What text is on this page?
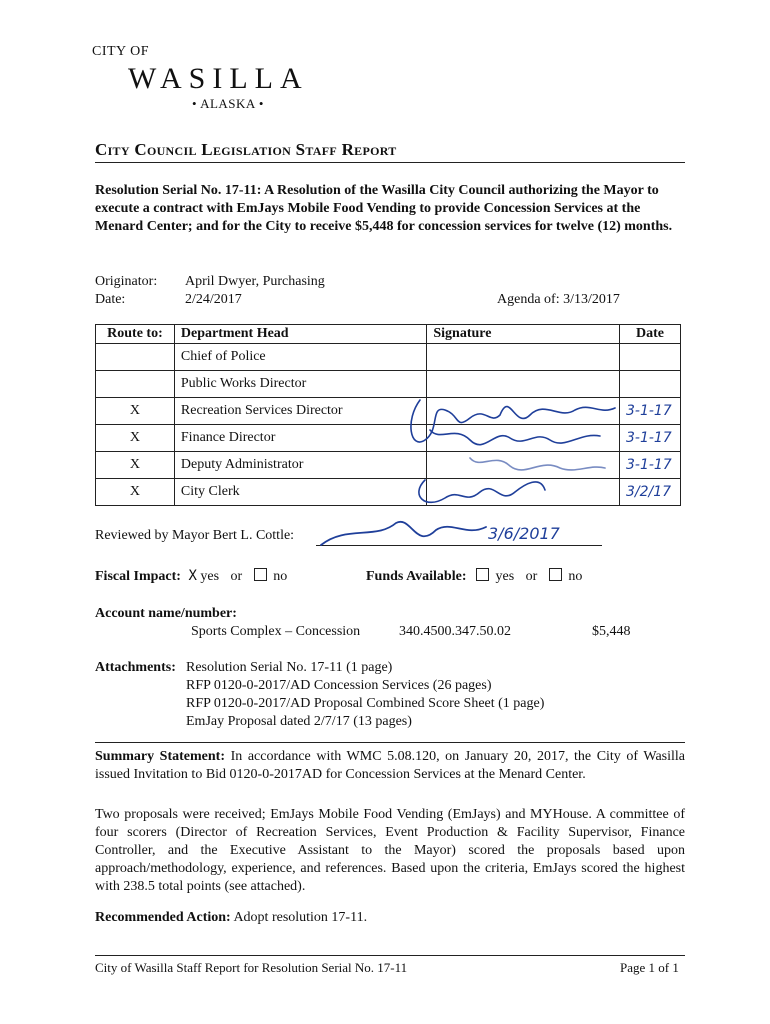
CITY OF
WASILLA
• ALASKA •
City Council Legislation Staff Report
Resolution Serial No. 17-11: A Resolution of the Wasilla City Council authorizing the Mayor to execute a contract with EmJays Mobile Food Vending to provide Concession Services at the Menard Center; and for the City to receive $5,448 for concession services for twelve (12) months.
Originator: April Dwyer, Purchasing
Date:	2/24/2017	Agenda of: 3/13/2017
Route to:	Department Head	Signature	Date
	Chief of Police		
	Public Works Director		
X	Recreation Services Director		3-1-17
X	Finance Director		3-1-17
X	Deputy Administrator		3-1-17
X	City Clerk		3/2/17
Reviewed by Mayor Bert L. Cottle:	3/6/2017
Fiscal Impact: X yes or no	Funds Available: yes or no
Account name/number:
Sports Complex – Concession	340.4500.347.50.02	$5,448
Attachments: Resolution Serial No. 17-11 (1 page)
RFP 0120-0-2017/AD Concession Services (26 pages)
RFP 0120-0-2017/AD Proposal Combined Score Sheet (1 page)
EmJay Proposal dated 2/7/17 (13 pages)
Summary Statement: In accordance with WMC 5.08.120, on January 20, 2017, the City of Wasilla issued Invitation to Bid 0120-0-2017AD for Concession Services at the Menard Center.
Two proposals were received; EmJays Mobile Food Vending (EmJays) and MYHouse. A committee of four scorers (Director of Recreation Services, Event Production & Facility Supervisor, Finance Controller, and the Executive Assistant to the Mayor) scored the proposals based upon approach/methodology, experience, and references. Based upon the criteria, EmJays scored the highest with 238.5 total points (see attached).
Recommended Action: Adopt resolution 17-11.
City of Wasilla Staff Report for Resolution Serial No. 17-11	Page 1 of 1
